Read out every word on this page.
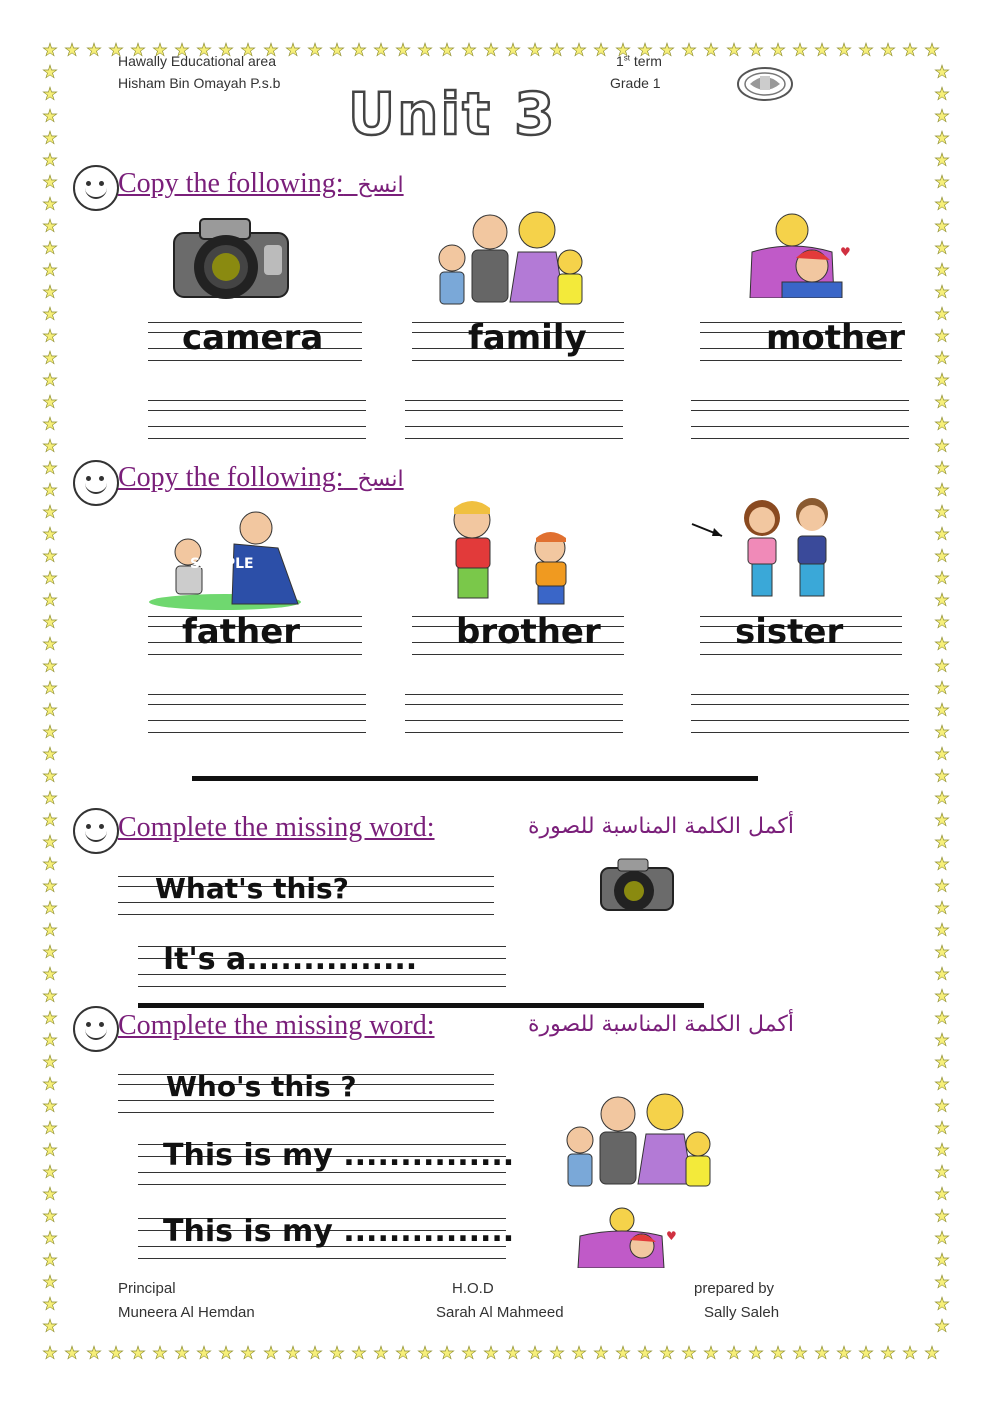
Hawally Educational area
Hisham Bin Omayah P.s.b
1st term
Grade 1
Unit 3
Copy the following: انسخ
♥
camera	family	mother
Copy the following: انسخ
SAMPLE
father	brother	sister
Complete the missing word:	أكمل الكلمة المناسبة للصورة
What's this?
It's a...............
Complete the missing word:	أكمل الكلمة المناسبة للصورة
Who's this ?
This is my ...............
This is my ...............	♥
Principal
Muneera Al Hemdan
H.O.D
Sarah Al Mahmeed
prepared by
Sally Saleh
